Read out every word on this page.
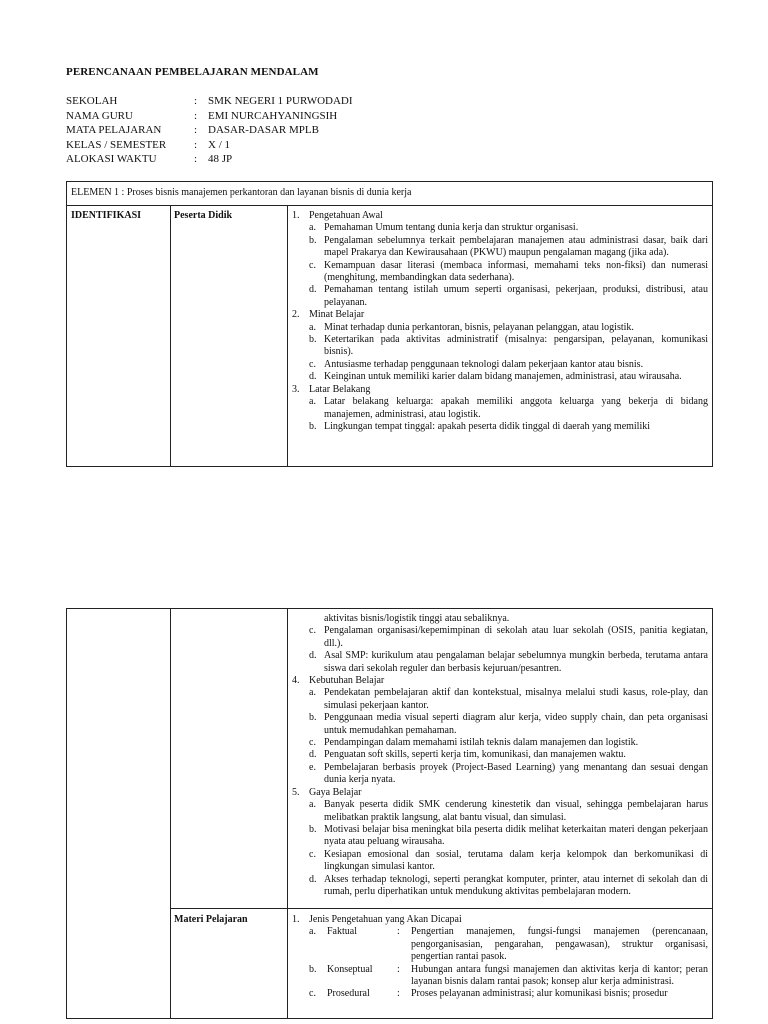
PERENCANAAN PEMBELAJARAN MENDALAM
SEKOLAH	: SMK NEGERI 1 PURWODADI
NAMA GURU	: EMI NURCAHYANINGSIH
MATA PELAJARAN	: DASAR-DASAR MPLB
KELAS / SEMESTER	: X / 1
ALOKASI WAKTU	: 48 JP
ELEMEN 1 : Proses bisnis manajemen perkantoran dan layanan bisnis di dunia kerja
IDENTIFIKASI	Peserta Didik	1. Pengetahuan Awal
a. Pemahaman Umum tentang dunia kerja dan struktur organisasi.
b. Pengalaman sebelumnya terkait pembelajaran manajemen atau administrasi dasar, baik dari mapel Prakarya dan Kewirausahaan (PKWU) maupun pengalaman magang (jika ada).
c. Kemampuan dasar literasi (membaca informasi, memahami teks non-fiksi) dan numerasi (menghitung, membandingkan data sederhana).
d. Pemahaman tentang istilah umum seperti organisasi, pekerjaan, produksi, distribusi, atau pelayanan.
2. Minat Belajar
a. Minat terhadap dunia perkantoran, bisnis, pelayanan pelanggan, atau logistik.
b. Ketertarikan pada aktivitas administratif (misalnya: pengarsipan, pelayanan, komunikasi bisnis).
c. Antusiasme terhadap penggunaan teknologi dalam pekerjaan kantor atau bisnis.
d. Keinginan untuk memiliki karier dalam bidang manajemen, administrasi, atau wirausaha.
3. Latar Belakang
a. Latar belakang keluarga: apakah memiliki anggota keluarga yang bekerja di bidang manajemen, administrasi, atau logistik.
b. Lingkungan tempat tinggal: apakah peserta didik tinggal di daerah yang memiliki
aktivitas bisnis/logistik tinggi atau sebaliknya.
c. Pengalaman organisasi/kepemimpinan di sekolah atau luar sekolah (OSIS, panitia kegiatan, dll.).
d. Asal SMP: kurikulum atau pengalaman belajar sebelumnya mungkin berbeda, terutama antara siswa dari sekolah reguler dan berbasis kejuruan/pesantren.
4. Kebutuhan Belajar
a. Pendekatan pembelajaran aktif dan kontekstual, misalnya melalui studi kasus, role-play, dan simulasi pekerjaan kantor.
b. Penggunaan media visual seperti diagram alur kerja, video supply chain, dan peta organisasi untuk memudahkan pemahaman.
c. Pendampingan dalam memahami istilah teknis dalam manajemen dan logistik.
d. Penguatan soft skills, seperti kerja tim, komunikasi, dan manajemen waktu.
e. Pembelajaran berbasis proyek (Project-Based Learning) yang menantang dan sesuai dengan dunia kerja nyata.
5. Gaya Belajar
a. Banyak peserta didik SMK cenderung kinestetik dan visual, sehingga pembelajaran harus melibatkan praktik langsung, alat bantu visual, dan simulasi.
b. Motivasi belajar bisa meningkat bila peserta didik melihat keterkaitan materi dengan pekerjaan nyata atau peluang wirausaha.
c. Kesiapan emosional dan sosial, terutama dalam kerja kelompok dan berkomunikasi di lingkungan simulasi kantor.
d. Akses terhadap teknologi, seperti perangkat komputer, printer, atau internet di sekolah dan di rumah, perlu diperhatikan untuk mendukung aktivitas pembelajaran modern.
Materi Pelajaran	1. Jenis Pengetahuan yang Akan Dicapai
a. Faktual	:	Pengertian manajemen, fungsi-fungsi manajemen (perencanaan, pengorganisasian, pengarahan, pengawasan), struktur organisasi, pengertian rantai pasok.
b. Konseptual	:	Hubungan antara fungsi manajemen dan aktivitas kerja di kantor; peran layanan bisnis dalam rantai pasok; konsep alur kerja administrasi.
c. Prosedural	:	Proses pelayanan administrasi; alur komunikasi bisnis; prosedur
